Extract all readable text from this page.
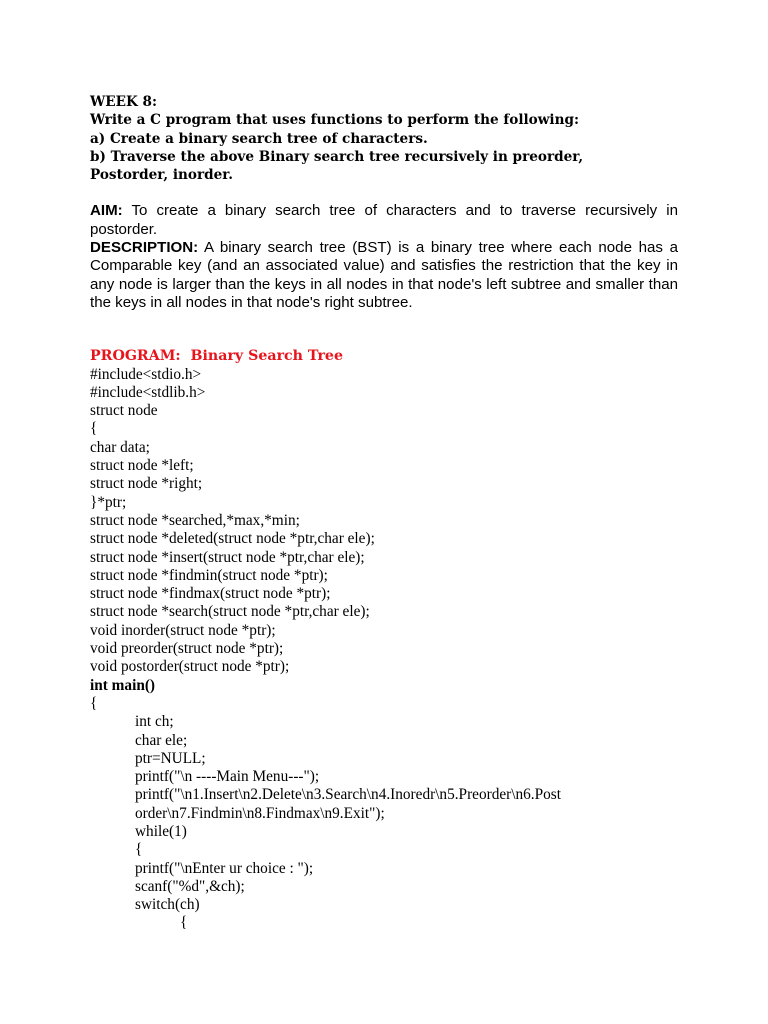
WEEK 8:

Write a C program that uses functions to perform the following:

a) Create a binary search tree of characters.

b) Traverse the above Binary search tree recursively in preorder,

Postorder, inorder.

AIM: To create a binary search tree of characters and to traverse recursively in postorder.

DESCRIPTION: A binary search tree (BST) is a binary tree where each node has a Comparable key (and an associated value) and satisfies the restriction that the key in any node is larger than the keys in all nodes in that node's left subtree and smaller than the keys in all nodes in that node's right subtree.

PROGRAM:  Binary Search Tree

#include<stdio.h>

#include<stdlib.h>

struct node

{

char data;

struct node *left;

struct node *right;

}*ptr;

struct node *searched,*max,*min;

struct node *deleted(struct node *ptr,char ele);

struct node *insert(struct node *ptr,char ele);

struct node *findmin(struct node *ptr);

struct node *findmax(struct node *ptr);

struct node *search(struct node *ptr,char ele);

void inorder(struct node *ptr);

void preorder(struct node *ptr);

void postorder(struct node *ptr);

int main()

{

int ch;

char ele;

ptr=NULL;

printf("\n ----Main Menu---");

printf("\n1.Insert\n2.Delete\n3.Search\n4.Inoredr\n5.Preorder\n6.Post

order\n7.Findmin\n8.Findmax\n9.Exit");

while(1)

{

printf("\nEnter ur choice : ");

scanf("%d",&ch);

switch(ch)

{
